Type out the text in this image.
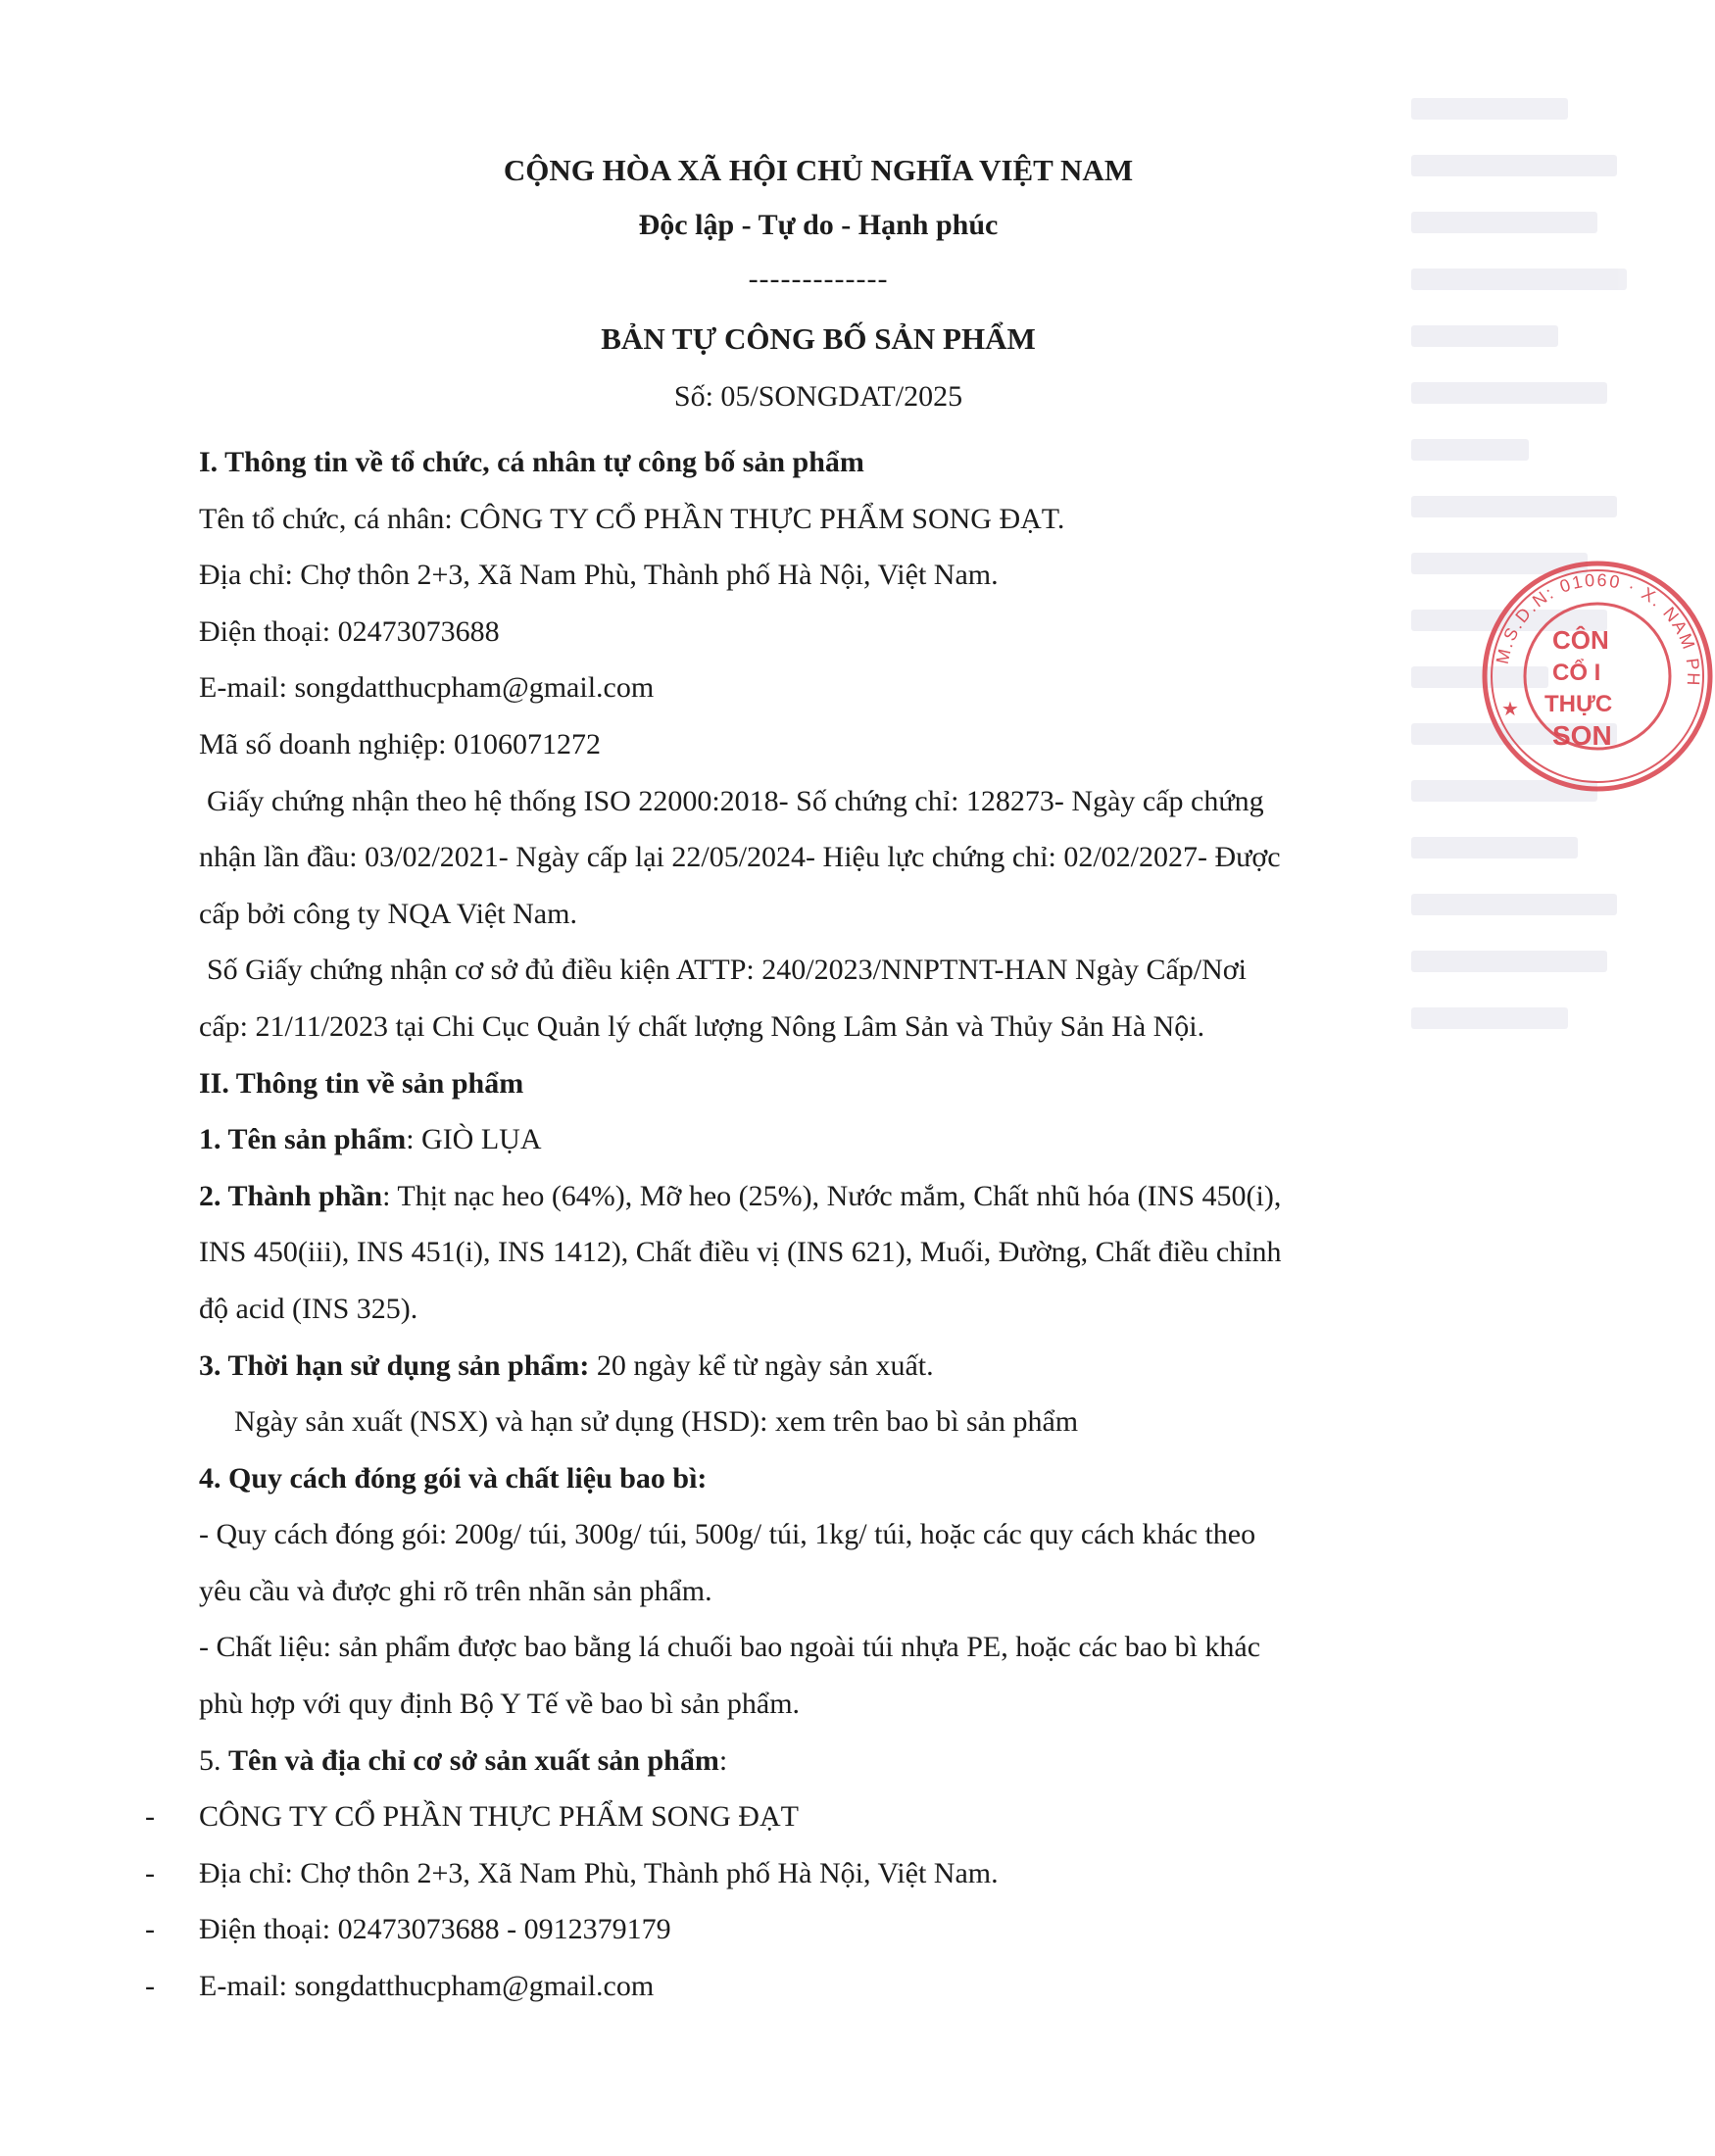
M.S.D.N: 01060 · X. NAM PH
CÔN
CỔ I
THỰC
SON
★
CỘNG HÒA XÃ HỘI CHỦ NGHĨA VIỆT NAM
Độc lập - Tự do - Hạnh phúc
-------------
BẢN TỰ CÔNG BỐ SẢN PHẨM
Số: 05/SONGDAT/2025

I. Thông tin về tổ chức, cá nhân tự công bố sản phẩm

Tên tổ chức, cá nhân: CÔNG TY CỔ PHẦN THỰC PHẨM SONG ĐẠT.

Địa chỉ: Chợ thôn 2+3, Xã Nam Phù, Thành phố Hà Nội, Việt Nam.

Điện thoại: 02473073688

E-mail: songdatthucpham@gmail.com

Mã số doanh nghiệp: 0106071272

Giấy chứng nhận theo hệ thống ISO 22000:2018- Số chứng chỉ: 128273- Ngày cấp chứng

nhận lần đầu: 03/02/2021- Ngày cấp lại 22/05/2024- Hiệu lực chứng chỉ: 02/02/2027- Được

cấp bởi công ty NQA Việt Nam.

Số Giấy chứng nhận cơ sở đủ điều kiện ATTP: 240/2023/NNPTNT-HAN Ngày Cấp/Nơi

cấp: 21/11/2023 tại Chi Cục Quản lý chất lượng Nông Lâm Sản và Thủy Sản Hà Nội.

II. Thông tin về sản phẩm

1. Tên sản phẩm: GIÒ LỤA

2. Thành phần: Thịt nạc heo (64%), Mỡ heo (25%), Nước mắm, Chất nhũ hóa (INS 450(i),

INS 450(iii), INS 451(i), INS 1412), Chất điều vị (INS 621), Muối, Đường, Chất điều chỉnh

độ acid (INS 325).

3. Thời hạn sử dụng sản phẩm: 20 ngày kể từ ngày sản xuất.

Ngày sản xuất (NSX) và hạn sử dụng (HSD): xem trên bao bì sản phẩm

4. Quy cách đóng gói và chất liệu bao bì:

- Quy cách đóng gói: 200g/ túi, 300g/ túi, 500g/ túi, 1kg/ túi, hoặc các quy cách khác theo

yêu cầu và được ghi rõ trên nhãn sản phẩm.

- Chất liệu: sản phẩm được bao bằng lá chuối bao ngoài túi nhựa PE, hoặc các bao bì khác

phù hợp với quy định Bộ Y Tế về bao bì sản phẩm.

5. Tên và địa chỉ cơ sở sản xuất sản phẩm:

- CÔNG TY CỔ PHẦN THỰC PHẨM SONG ĐẠT

- Địa chỉ: Chợ thôn 2+3, Xã Nam Phù, Thành phố Hà Nội, Việt Nam.

- Điện thoại: 02473073688 - 0912379179

- E-mail: songdatthucpham@gmail.com
